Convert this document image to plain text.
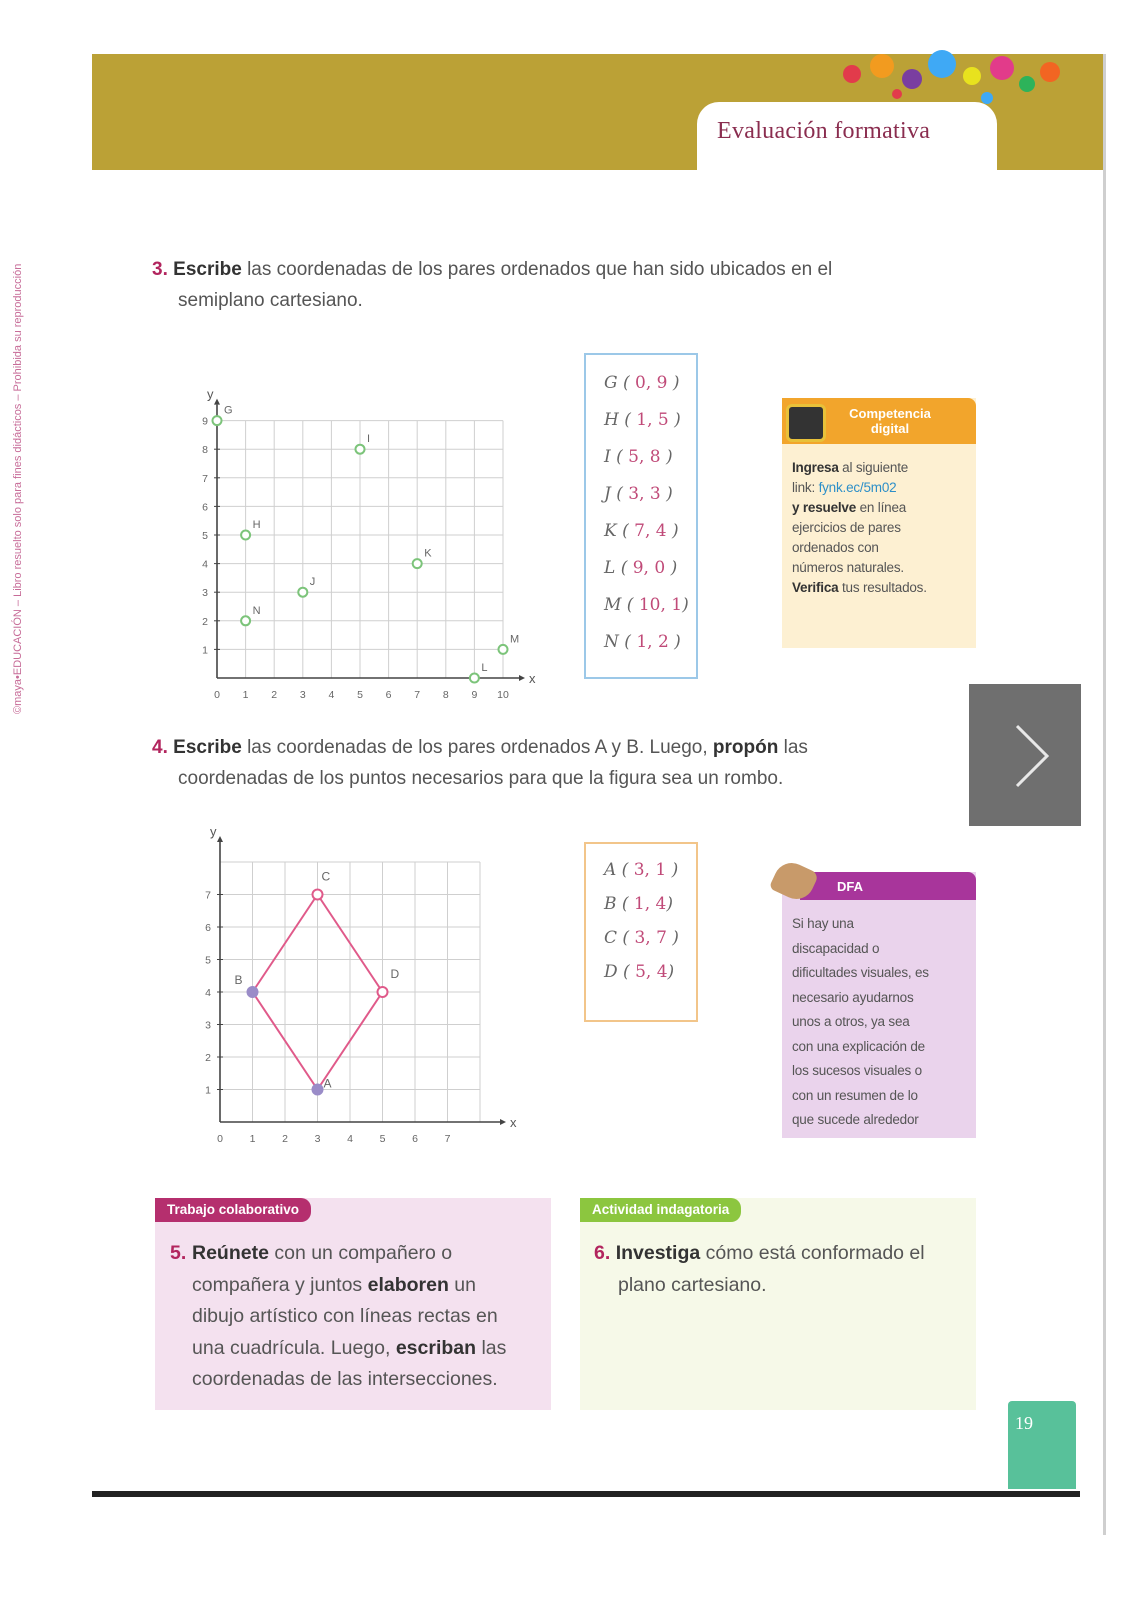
Evaluación formativa
©maya•EDUCACIÓN – Libro resuelto solo para fines didácticos – Prohibida su reproducción	3. Escribe las coordenadas de los pares ordenados que han sido ubicados en el
semiplano cartesiano.
x
y
0 1 2 3 4 5 6 7 8 9 10
1
2
3
4
5
6
7
8
9
G
H
I
J
K
L
M
N
G ( 0, 9 )
H ( 1, 5 )
I ( 5, 8 )
J ( 3, 3 )
K ( 7, 4 )
L ( 9, 0 )
M ( 10, 1)
N ( 1, 2 )
Competencia digital
Ingresa al siguiente
link: fynk.ec/5m02
y resuelve en línea
ejercicios de pares
ordenados con
números naturales.
Verifica tus resultados.
4. Escribe las coordenadas de los pares ordenados A y B. Luego, propón las
coordenadas de los puntos necesarios para que la figura sea un rombo.
x
y
0	1	2	3	4	5	6	7
1
2
3
4
5
6
7
A
B
C
D
A ( 3, 1 )
B ( 1, 4)
C ( 3, 7 )
D ( 5, 4)
DFA
Si hay una
discapacidad o
dificultades visuales, es
necesario ayudarnos
unos a otros, ya sea
con una explicación de
los sucesos visuales o
con un resumen de lo
que sucede alrededor
Trabajo colaborativo
5. Reúnete con un compañero o
compañera y juntos elaboren un
dibujo artístico con líneas rectas en
una cuadrícula. Luego, escriban las
coordenadas de las intersecciones.
Actividad indagatoria
6. Investiga cómo está conformado el
plano cartesiano.
19
